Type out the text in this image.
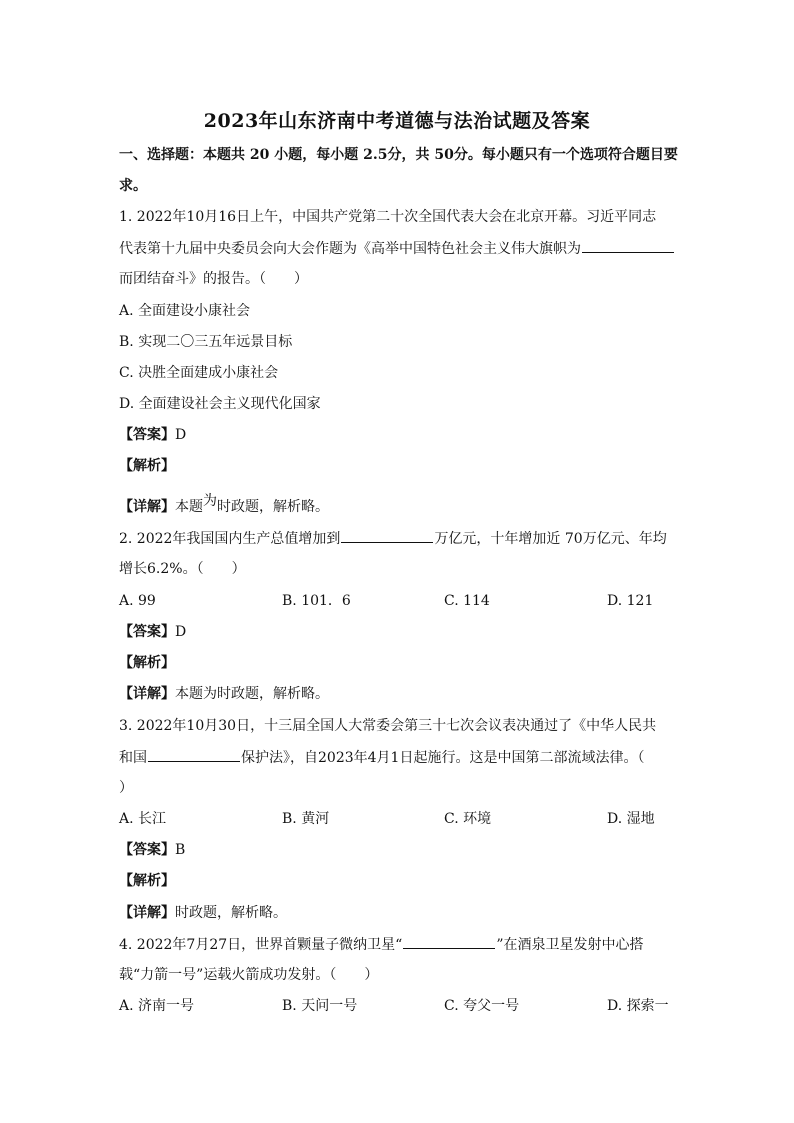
2023年山东济南中考道德与法治试题及答案
一、选择题：本题共 20 小题，每小题 2.5分，共 50分。每小题只有一个选项符合题目要
求。
1. 2022年10月16日上午，中国共产党第二十次全国代表大会在北京开幕。习近平同志
代表第十九届中央委员会向大会作题为《高举中国特色社会主义伟大旗帜为
而团结奋斗》的报告。（　　）
A. 全面建设小康社会
B. 实现二〇三五年远景目标
C. 决胜全面建成小康社会
D. 全面建设社会主义现代化国家
【答案】D
【解析】
【详解】本题为时政题，解析略。
2. 2022年我国国内生产总值增加到	万亿元，十年增加近 70万亿元、年均
增长6.2%。（　　）
A. 99	B. 101．6	C. 114	D. 121
【答案】D
【解析】
【详解】本题为时政题，解析略。
3. 2022年10月30日，十三届全国人大常委会第三十七次会议表决通过了《中华人民共
和国	保护法》，自2023年4月1日起施行。这是中国第二部流域法律。（
）
A. 长江	B. 黄河	C. 环境	D. 湿地
【答案】B
【解析】
【详解】时政题，解析略。
4. 2022年7月27日，世界首颗量子微纳卫星“	”在酒泉卫星发射中心搭
载“力箭一号”运载火箭成功发射。（　　）
A. 济南一号	B. 天问一号	C. 夸父一号	D. 探索一
